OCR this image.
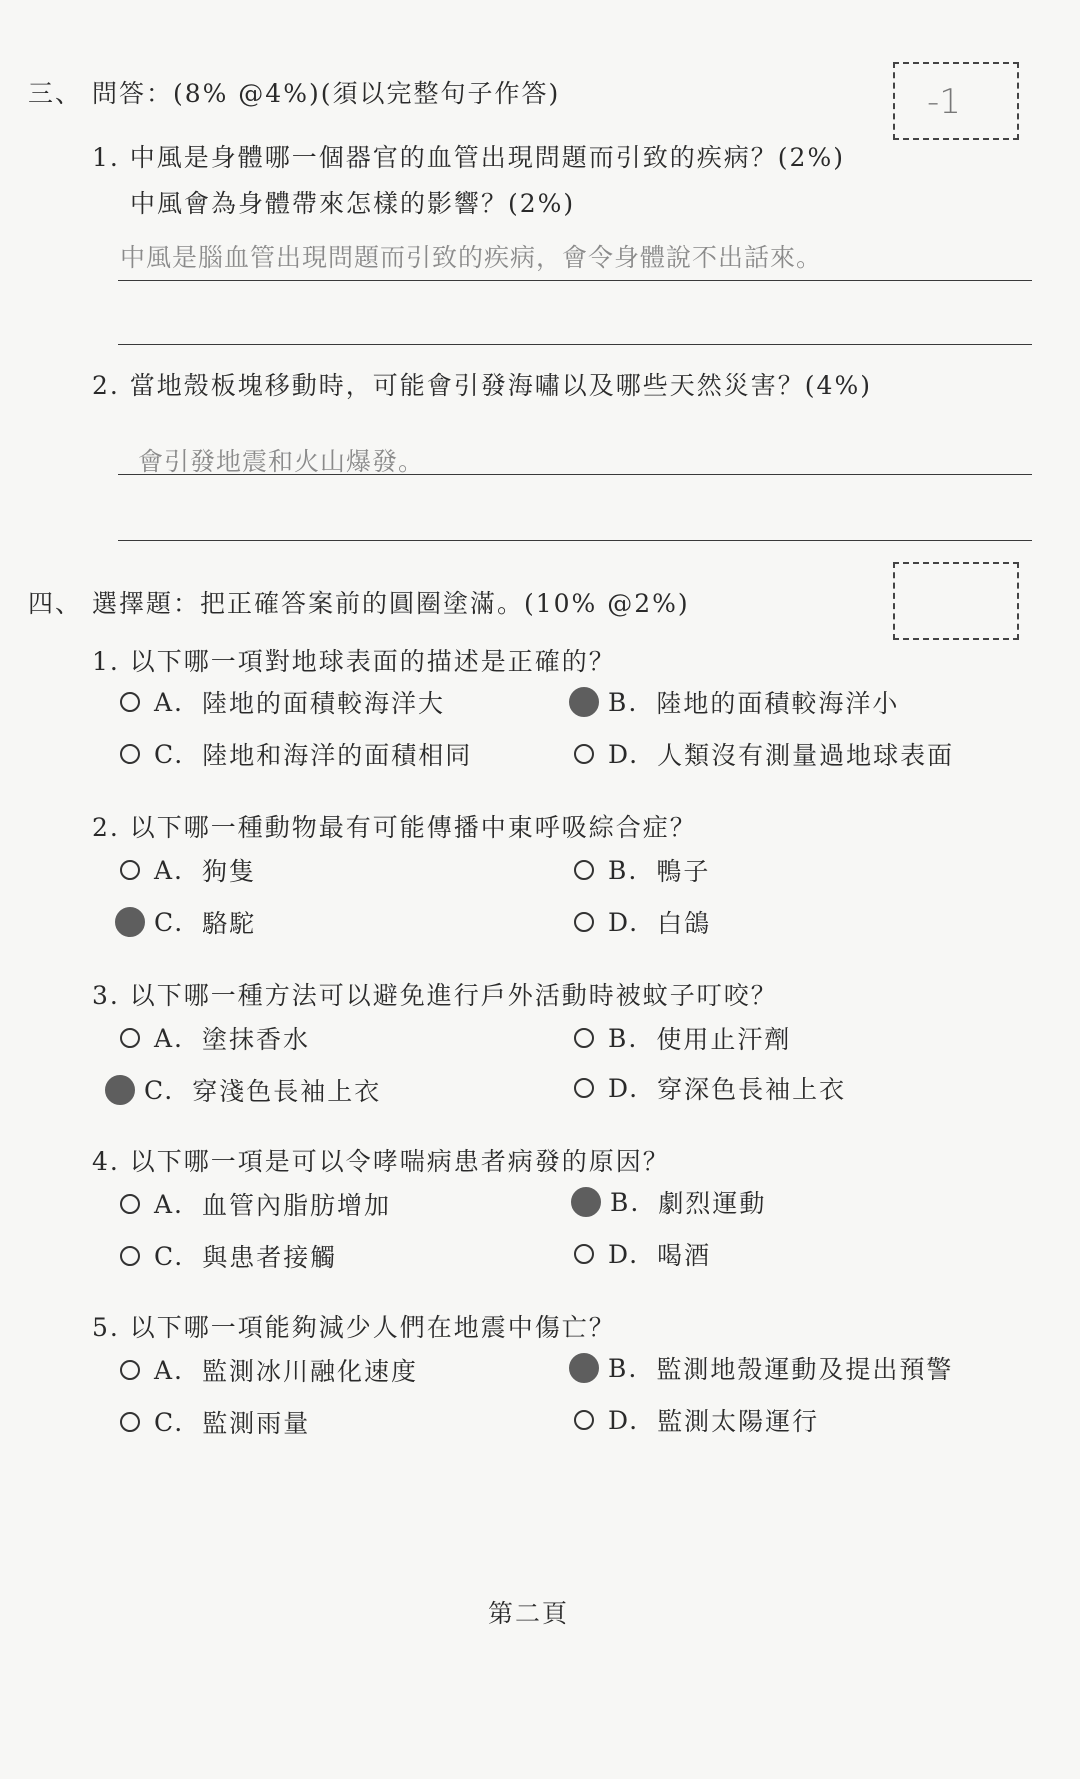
三、 問答：(8% @4%)(須以完整句子作答)	-1
1. 中風是身體哪一個器官的血管出現問題而引致的疾病？(2%)
中風會為身體帶來怎樣的影響？(2%)
中風是腦血管出現問題而引致的疾病，會令身體說不出話來。
2. 當地殼板塊移動時，可能會引發海嘯以及哪些天然災害？(4%)
會引發地震和火山爆發。
四、 選擇題：把正確答案前的圓圈塗滿。(10% @2%)
1. 以下哪一項對地球表面的描述是正確的？
A. 陸地的面積較海洋大	B. 陸地的面積較海洋小
C. 陸地和海洋的面積相同	D. 人類沒有測量過地球表面
2. 以下哪一種動物最有可能傳播中東呼吸綜合症？
A. 狗隻	B. 鴨子
C. 駱駝	D. 白鴿
3. 以下哪一種方法可以避免進行戶外活動時被蚊子叮咬？
A. 塗抹香水	B. 使用止汗劑
C. 穿淺色長袖上衣	D. 穿深色長袖上衣
4. 以下哪一項是可以令哮喘病患者病發的原因？
A. 血管內脂肪增加	B. 劇烈運動
C. 與患者接觸	D. 喝酒
5. 以下哪一項能夠減少人們在地震中傷亡？
A. 監測冰川融化速度	B. 監測地殼運動及提出預警
C. 監測雨量	D. 監測太陽運行
第二頁
